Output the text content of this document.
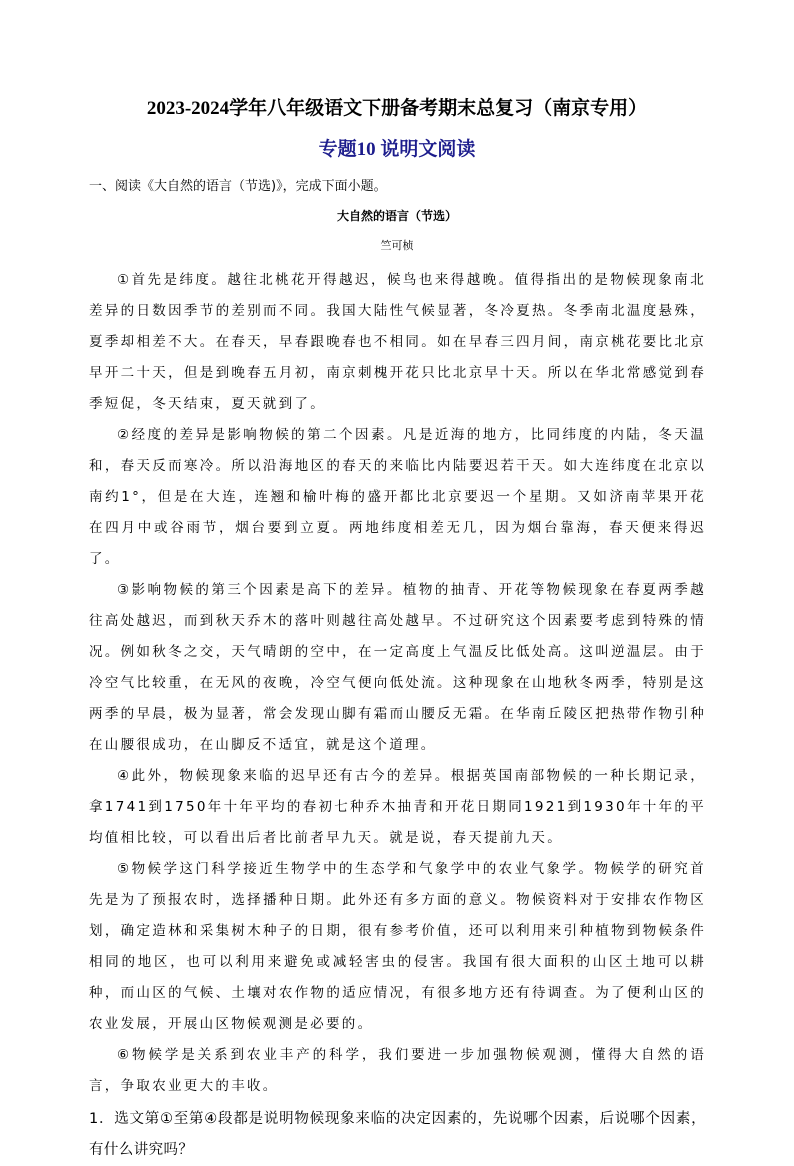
2023-2024学年八年级语文下册备考期末总复习（南京专用）
专题10 说明文阅读
一、阅读《大自然的语言（节选)》，完成下面小题。
大自然的语言（节选）
竺可桢

①首先是纬度。越往北桃花开得越迟，候鸟也来得越晚。值得指出的是物候现象南北差异的日数因季节的差别而不同。我国大陆性气候显著，冬冷夏热。冬季南北温度悬殊，夏季却相差不大。在春天，早春跟晚春也不相同。如在早春三四月间，南京桃花要比北京早开二十天，但是到晚春五月初，南京刺槐开花只比北京早十天。所以在华北常感觉到春季短促，冬天结束，夏天就到了。

②经度的差异是影响物候的第二个因素。凡是近海的地方，比同纬度的内陆，冬天温和，春天反而寒冷。所以沿海地区的春天的来临比内陆要迟若干天。如大连纬度在北京以南约1°，但是在大连，连翘和榆叶梅的盛开都比北京要迟一个星期。又如济南苹果开花在四月中或谷雨节，烟台要到立夏。两地纬度相差无几，因为烟台靠海，春天便来得迟了。

③影响物候的第三个因素是高下的差异。植物的抽青、开花等物候现象在春夏两季越往高处越迟，而到秋天乔木的落叶则越往高处越早。不过研究这个因素要考虑到特殊的情况。例如秋冬之交，天气晴朗的空中，在一定高度上气温反比低处高。这叫逆温层。由于冷空气比较重，在无风的夜晚，冷空气便向低处流。这种现象在山地秋冬两季，特别是这两季的早晨，极为显著，常会发现山脚有霜而山腰反无霜。在华南丘陵区把热带作物引种在山腰很成功，在山脚反不适宜，就是这个道理。

④此外，物候现象来临的迟早还有古今的差异。根据英国南部物候的一种长期记录，拿1741到1750年十年平均的春初七种乔木抽青和开花日期同1921到1930年十年的平均值相比较，可以看出后者比前者早九天。就是说，春天提前九天。

⑤物候学这门科学接近生物学中的生态学和气象学中的农业气象学。物候学的研究首先是为了预报农时，选择播种日期。此外还有多方面的意义。物候资料对于安排农作物区划，确定造林和采集树木种子的日期，很有参考价值，还可以利用来引种植物到物候条件相同的地区，也可以利用来避免或减轻害虫的侵害。我国有很大面积的山区土地可以耕种，而山区的气候、土壤对农作物的适应情况，有很多地方还有待调查。为了便利山区的农业发展，开展山区物候观测是必要的。

⑥物候学是关系到农业丰产的科学，我们要进一步加强物候观测，懂得大自然的语言，争取农业更大的丰收。

1．选文第①至第④段都是说明物候现象来临的决定因素的，先说哪个因素，后说哪个因素，有什么讲究吗？
